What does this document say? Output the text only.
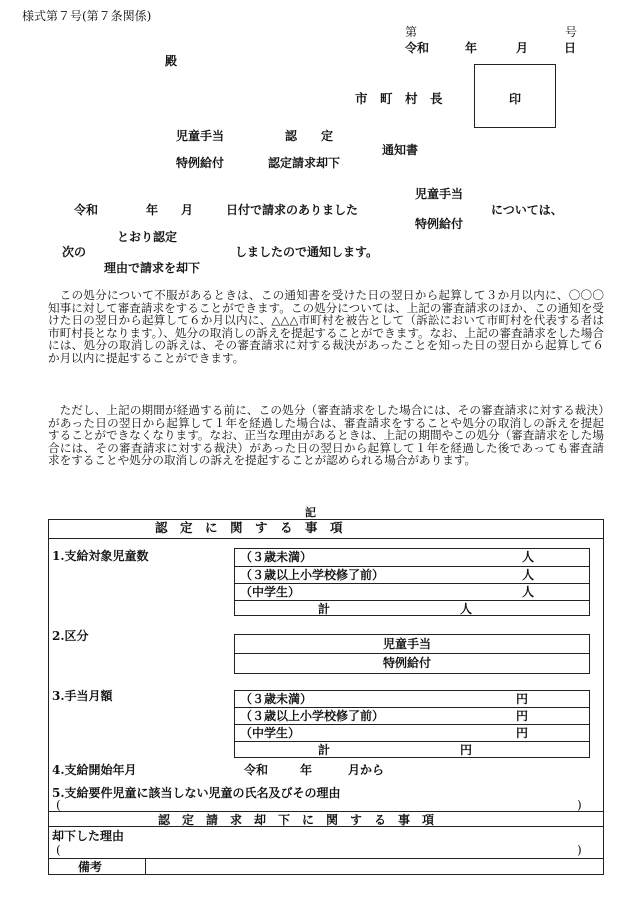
様式第７号(第７条関係)
第	号
令和	年	月	日
殿
市　町　村　長	印
児童手当	認　　定
通知書
特例給付	認定請求却下
児童手当
令和	年 月	日付で請求のありました	については、
特例給付
とおり認定
次の	しましたので通知します。
理由で請求を却下
この処分について不服があるときは、この通知書を受けた日の翌日から起算して３か月以内に、〇〇〇知事に対して審査請求をすることができます。この処分については、上記の審査請求のほか、この通知を受けた日の翌日から起算して６か月以内に、△△△市町村を被告として（訴訟において市町村を代表する者は市町村長となります。）、処分の取消しの訴えを提起することができます。なお、上記の審査請求をした場合には、処分の取消しの訴えは、その審査請求に対する裁決があったことを知った日の翌日から起算して６か月以内に提起することができます。
ただし、上記の期間が経過する前に、この処分（審査請求をした場合には、その審査請求に対する裁決）があった日の翌日から起算して１年を経過した場合は、審査請求をすることや処分の取消しの訴えを提起することができなくなります。なお、正当な理由があるときは、上記の期間やこの処分（審査請求をした場合には、その審査請求に対する裁決）があった日の翌日から起算して１年を経過した後であっても審査請求をすることや処分の取消しの訴えを提起することが認められる場合があります。
記
認　定　に　関　す　る　事　項
1.支給対象児童数	（３歳未満）	人
（３歳以上小学校修了前）	人
（中学生）	人
計	人
2.区分
児童手当
特例給付
3.手当月額	（３歳未満）	円
（３歳以上小学校修了前）	円
（中学生）	円
計	円
4.支給開始年月	令和	年	月から
5.支給要件児童に該当しない児童の氏名及びその理由
(	)
認　定　請　求　却　下　に　関　す　る　事　項
却下した理由
(	)
備考
